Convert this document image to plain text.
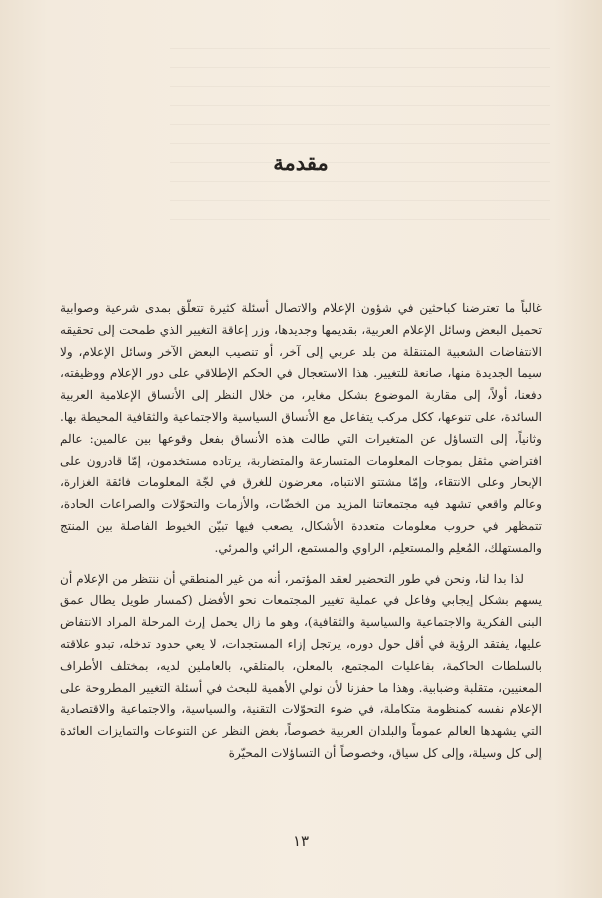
مقدمة

غالباً ما تعترضنا كباحثين في شؤون الإعلام والاتصال أسئلة كثيرة تتعلّق بمدى شرعية وصوابية تحميل البعض وسائل الإعلام العربية، بقديمها وجديدها، وزر إعاقة التغيير الذي طمحت إلى تحقيقه الانتفاضات الشعبية المتنقلة من بلد عربي إلى آخر، أو تنصيب البعض الآخر وسائل الإعلام، ولا سيما الجديدة منها، صانعة للتغيير. هذا الاستعجال في الحكم الإطلاقي على دور الإعلام ووظيفته، دفعنا، أولاً، إلى مقاربة الموضوع بشكل مغاير، من خلال النظر إلى الأنساق الإعلامية العربية السائدة، على تنوعها، ككل مركب يتفاعل مع الأنساق السياسية والاجتماعية والثقافية المحيطة بها. وثانياً، إلى التساؤل عن المتغيرات التي طالت هذه الأنساق بفعل وقوعها بين عالمين: عالم افتراضي مثقل بموجات المعلومات المتسارعة والمتضاربة، يرتاده مستخدمون، إمّا قادرون على الإبحار وعلى الانتقاء، وإمّا مشتتو الانتباه، معرضون للغرق في لجّة المعلومات فائقة الغزارة، وعالم واقعي تشهد فيه مجتمعاتنا المزيد من الخضّات، والأزمات والتحوّلات والصراعات الحادة، تتمظهر في حروب معلومات متعددة الأشكال، يصعب فيها تبيّن الخيوط الفاصلة بين المنتج والمستهلك، المُعلِم والمستعلِم، الراوي والمستمع، الرائي والمرئي.

لذا بدا لنا، ونحن في طور التحضير لعقد المؤتمر، أنه من غير المنطقي أن ننتظر من الإعلام أن يسهم بشكل إيجابي وفاعل في عملية تغيير المجتمعات نحو الأفضل (كمسار طويل يطال عمق البنى الفكرية والاجتماعية والسياسية والثقافية)، وهو ما زال يحمل إرث المرحلة المراد الانتفاض عليها، يفتقد الرؤية في أقل حول دوره، يرتجل إزاء المستجدات، لا يعي حدود تدخله، تبدو علاقته بالسلطات الحاكمة، بفاعليات المجتمع، بالمعلن، بالمتلقي، بالعاملين لديه، بمختلف الأطراف المعنيين، متقلبة وضبابية. وهذا ما حفزنا لأن نولي الأهمية للبحث في أسئلة التغيير المطروحة على الإعلام نفسه كمنظومة متكاملة، في ضوء التحوّلات التقنية، والسياسية، والاجتماعية والاقتصادية التي يشهدها العالم عموماً والبلدان العربية خصوصاً، بغض النظر عن التنوعات والتمايزات العائدة إلى كل وسيلة، وإلى كل سياق، وخصوصاً أن التساؤلات المحيّرة

١٣
